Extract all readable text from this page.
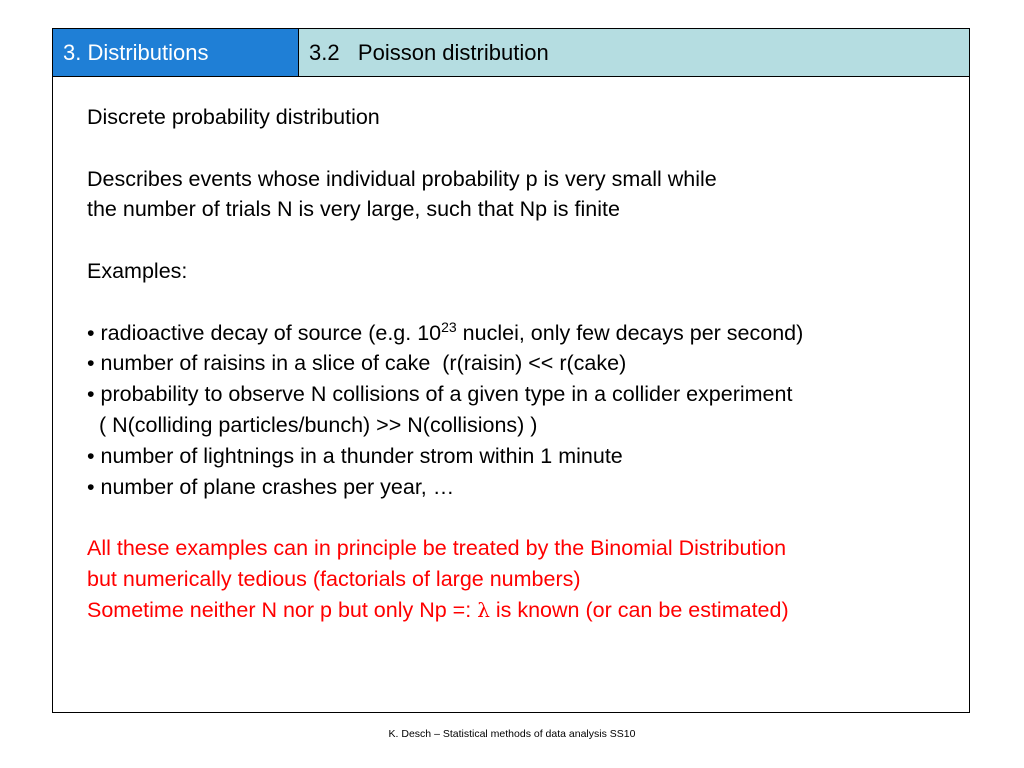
3. Distributions	3.2   Poisson distribution
Discrete probability distribution
Describes events whose individual probability p is very small while
the number of trials N is very large, such that Np is finite
Examples:
• radioactive decay of source (e.g. $10^{23}$ nuclei, only few decays per second)
• number of raisins in a slice of cake  (r(raisin) << r(cake)
• probability to observe N collisions of a given type in a collider experiment
( N(colliding particles/bunch) >> N(collisions) )
• number of lightnings in a thunder strom within 1 minute
• number of plane crashes per year, …
All these examples can in principle be treated by the Binomial Distribution
but numerically tedious (factorials of large numbers)
Sometime neither N nor p but only Np =: λ is known (or can be estimated)
K. Desch – Statistical methods of data analysis SS10
